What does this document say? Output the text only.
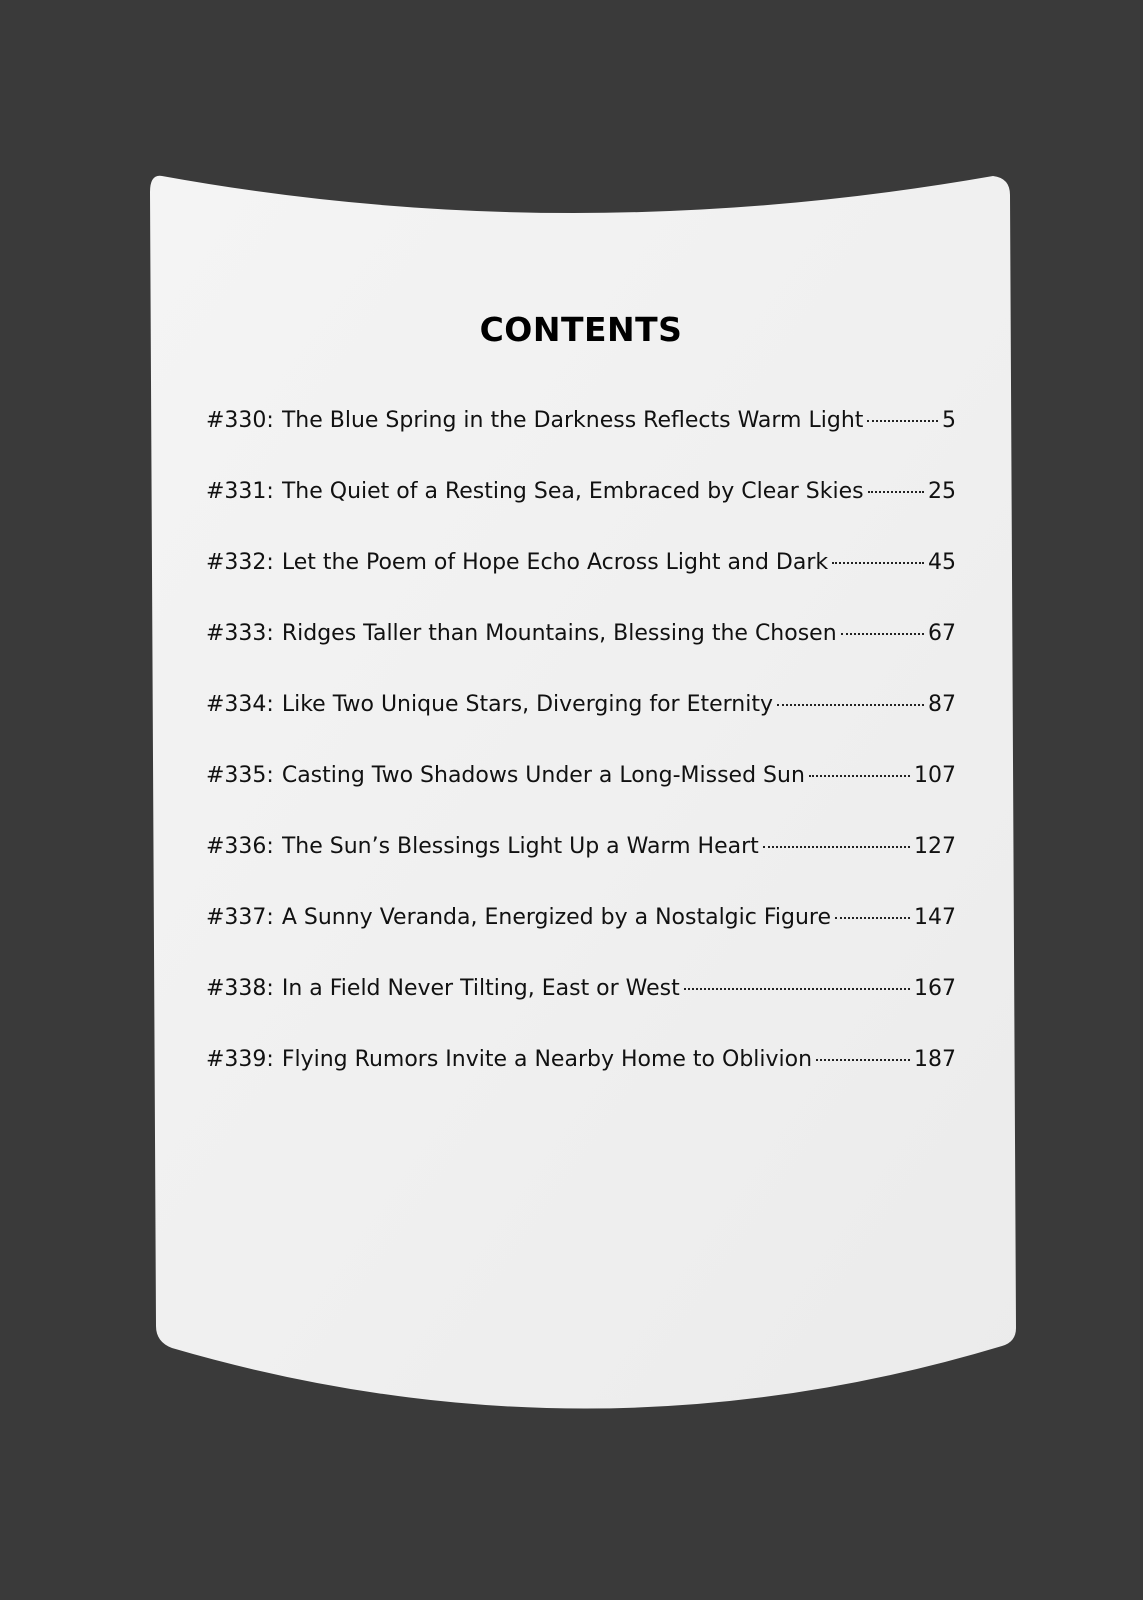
CONTENTS
#330: The Blue Spring in the Darkness Reflects Warm Light	5
#331: The Quiet of a Resting Sea, Embraced by Clear Skies	25
#332: Let the Poem of Hope Echo Across Light and Dark	45
#333: Ridges Taller than Mountains, Blessing the Chosen	67
#334: Like Two Unique Stars, Diverging for Eternity	87
#335: Casting Two Shadows Under a Long-Missed Sun	107
#336: The Sun’s Blessings Light Up a Warm Heart	127
#337: A Sunny Veranda, Energized by a Nostalgic Figure	147
#338: In a Field Never Tilting, East or West	167
#339: Flying Rumors Invite a Nearby Home to Oblivion	187
